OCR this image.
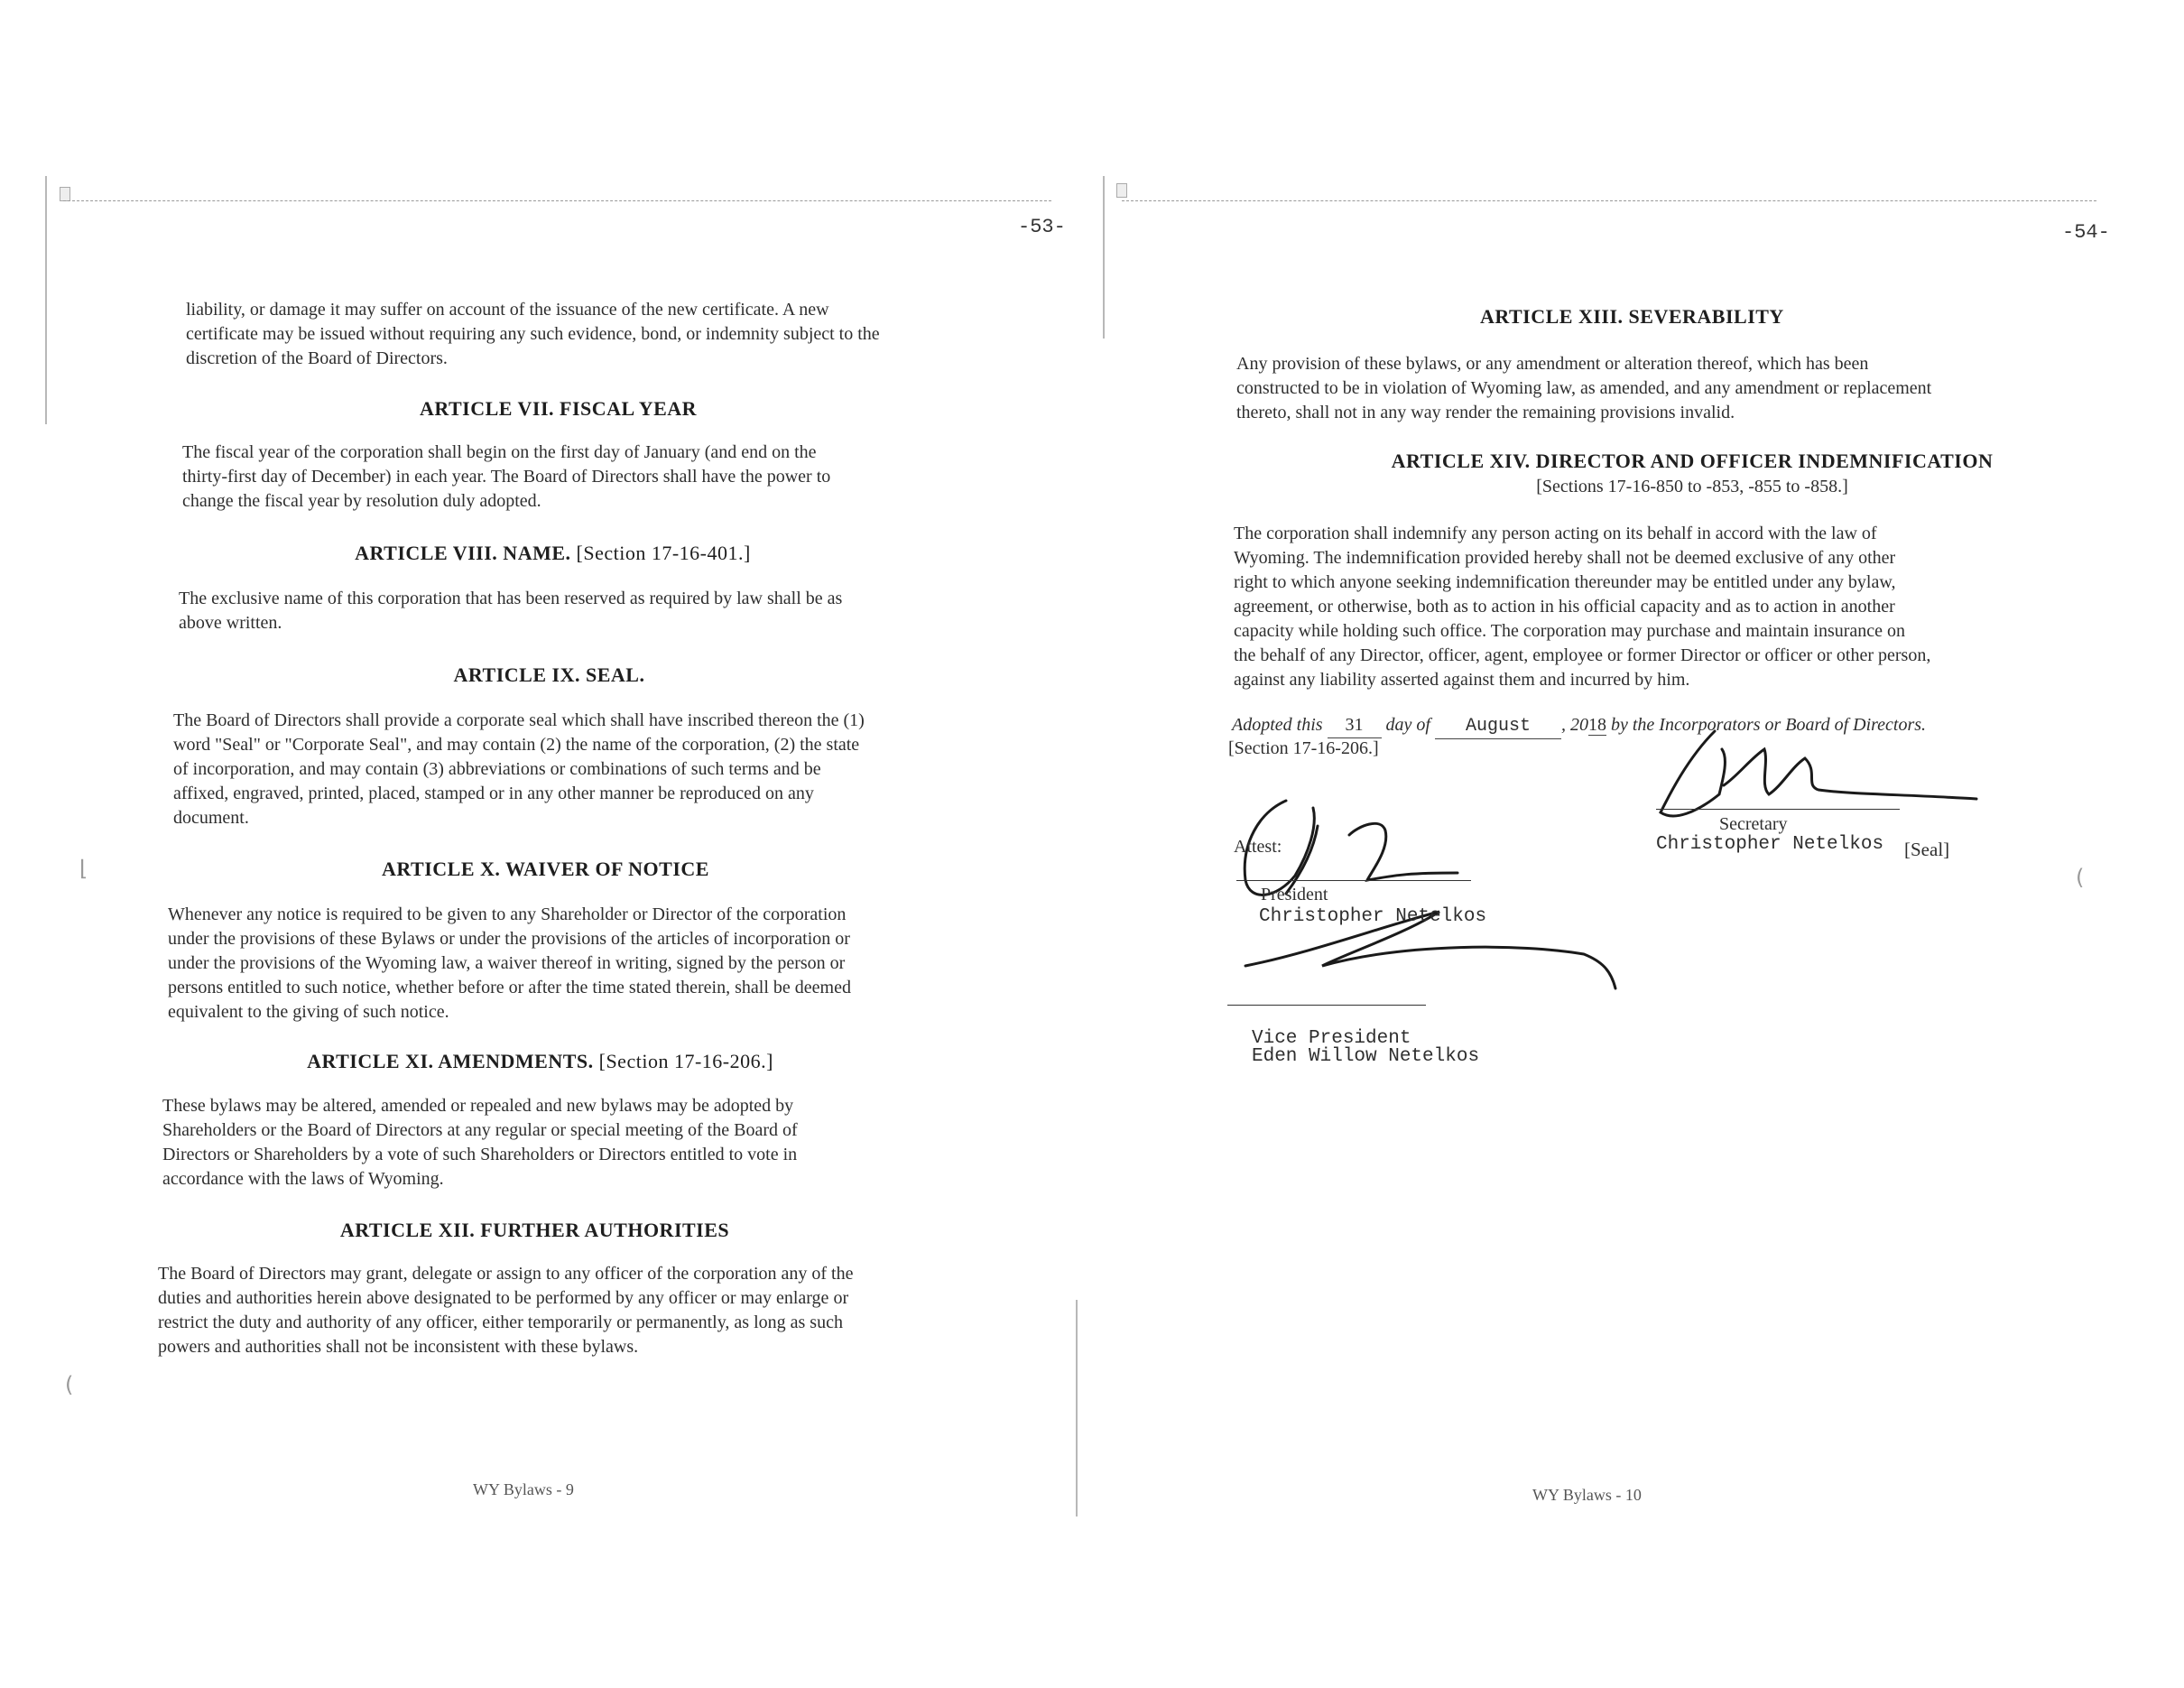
-53-
liability, or damage it may suffer on account of the issuance of the new certificate. A new
certificate may be issued without requiring any such evidence, bond, or indemnity subject to the
discretion of the Board of Directors.
ARTICLE VII. FISCAL YEAR
The fiscal year of the corporation shall begin on the first day of January (and end on the
thirty-first day of December) in each year. The Board of Directors shall have the power to
change the fiscal year by resolution duly adopted.
ARTICLE VIII. NAME. [Section 17-16-401.]
The exclusive name of this corporation that has been reserved as required by law shall be as
above written.
ARTICLE IX. SEAL.
The Board of Directors shall provide a corporate seal which shall have inscribed thereon the (1)
word "Seal" or "Corporate Seal", and may contain (2) the name of the corporation, (2) the state
of incorporation, and may contain (3) abbreviations or combinations of such terms and be
affixed, engraved, printed, placed, stamped or in any other manner be reproduced on any
document.
ARTICLE X. WAIVER OF NOTICE
Whenever any notice is required to be given to any Shareholder or Director of the corporation
under the provisions of these Bylaws or under the provisions of the articles of incorporation or
under the provisions of the Wyoming law, a waiver thereof in writing, signed by the person or
persons entitled to such notice, whether before or after the time stated therein, shall be deemed
equivalent to the giving of such notice.
ARTICLE XI. AMENDMENTS. [Section 17-16-206.]
These bylaws may be altered, amended or repealed and new bylaws may be adopted by
Shareholders or the Board of Directors at any regular or special meeting of the Board of
Directors or Shareholders by a vote of such Shareholders or Directors entitled to vote in
accordance with the laws of Wyoming.
ARTICLE XII. FURTHER AUTHORITIES
The Board of Directors may grant, delegate or assign to any officer of the corporation any of the
duties and authorities herein above designated to be performed by any officer or may enlarge or
restrict the duty and authority of any officer, either temporarily or permanently, as long as such
powers and authorities shall not be inconsistent with these bylaws.
⌊
(
WY Bylaws - 9
-54-
ARTICLE XIII. SEVERABILITY
Any provision of these bylaws, or any amendment or alteration thereof, which has been
constructed to be in violation of Wyoming law, as amended, and any amendment or replacement
thereto, shall not in any way render the remaining provisions invalid.
ARTICLE XIV. DIRECTOR AND OFFICER INDEMNIFICATION
[Sections 17-16-850 to -853, -855 to -858.]
The corporation shall indemnify any person acting on its behalf in accord with the law of
Wyoming. The indemnification provided hereby shall not be deemed exclusive of any other
right to which anyone seeking indemnification thereunder may be entitled under any bylaw,
agreement, or otherwise, both as to action in his official capacity and as to action in another
capacity while holding such office. The corporation may purchase and maintain insurance on
the behalf of any Director, officer, agent, employee or former Director or officer or other person,
against any liability asserted against them and incurred by him.
Adopted this 31 day of August , 2018 by the Incorporators or Board of Directors.
[Section 17-16-206.]
Secretary
Christopher Netelkos [Seal]
Attest:
President
Christopher Netelkos
Vice President
Eden Willow Netelkos
(
WY Bylaws - 10
